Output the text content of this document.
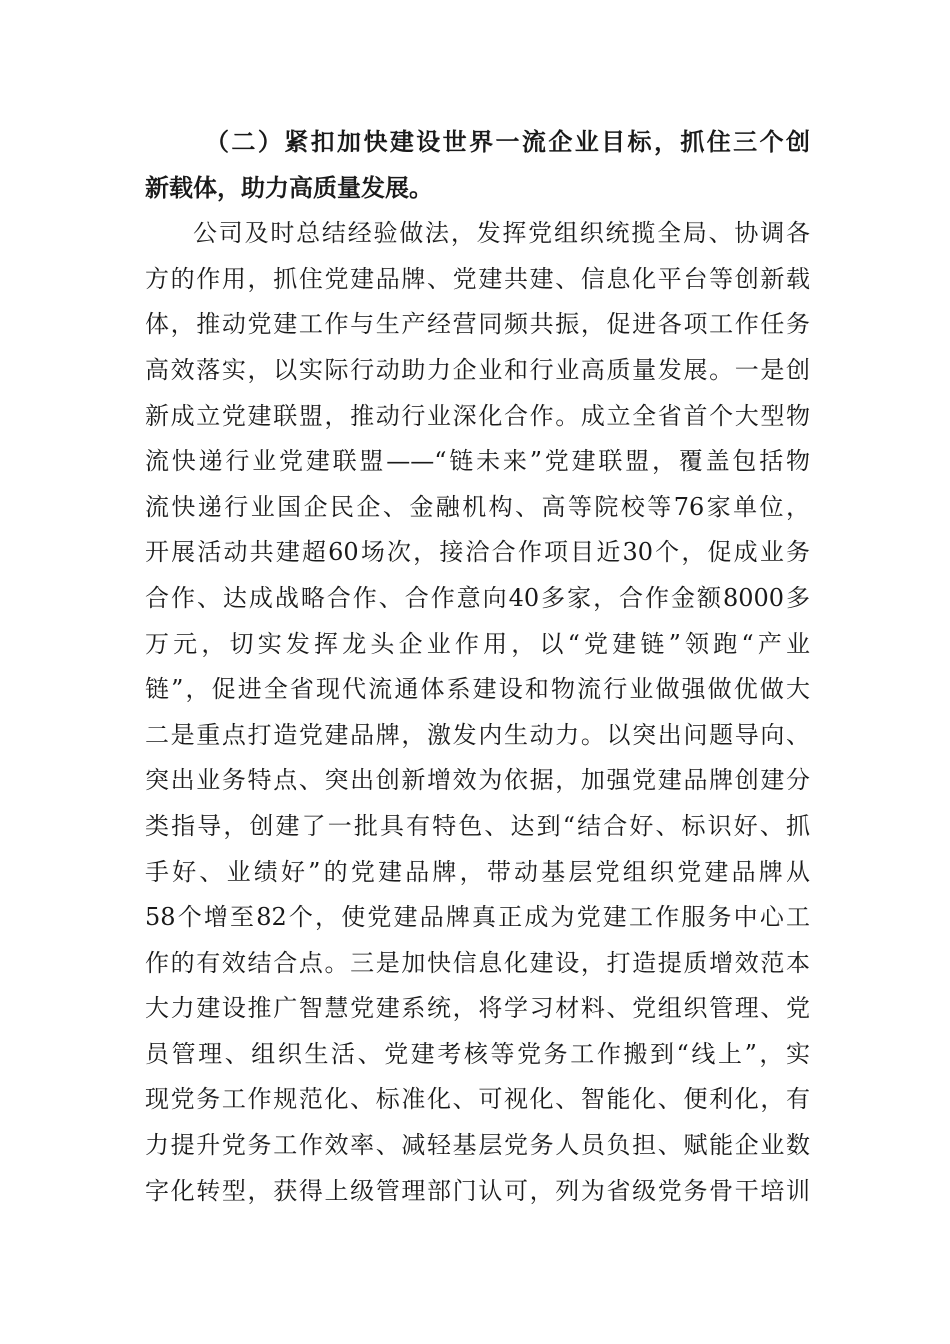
（二）紧扣加快建设世界一流企业目标，抓住三个创
新载体，助力高质量发展。
公司及时总结经验做法，发挥党组织统揽全局、协调各
方的作用，抓住党建品牌、党建共建、信息化平台等创新载
体，推动党建工作与生产经营同频共振，促进各项工作任务
高效落实，以实际行动助力企业和行业高质量发展。一是创
新成立党建联盟，推动行业深化合作。成立全省首个大型物
流快递行业党建联盟——“链未来”党建联盟，覆盖包括物
流快递行业国企民企、金融机构、高等院校等76家单位，
开展活动共建超60场次，接洽合作项目近30个，促成业务
合作、达成战略合作、合作意向40多家，合作金额8000多
万元，切实发挥龙头企业作用，以“党建链”领跑“产业
链”，促进全省现代流通体系建设和物流行业做强做优做大
二是重点打造党建品牌，激发内生动力。以突出问题导向、
突出业务特点、突出创新增效为依据，加强党建品牌创建分
类指导，创建了一批具有特色、达到“结合好、标识好、抓
手好、业绩好”的党建品牌，带动基层党组织党建品牌从
58个增至82个，使党建品牌真正成为党建工作服务中心工
作的有效结合点。三是加快信息化建设，打造提质增效范本
大力建设推广智慧党建系统，将学习材料、党组织管理、党
员管理、组织生活、党建考核等党务工作搬到“线上”，实
现党务工作规范化、标准化、可视化、智能化、便利化，有
力提升党务工作效率、减轻基层党务人员负担、赋能企业数
字化转型，获得上级管理部门认可，列为省级党务骨干培训
